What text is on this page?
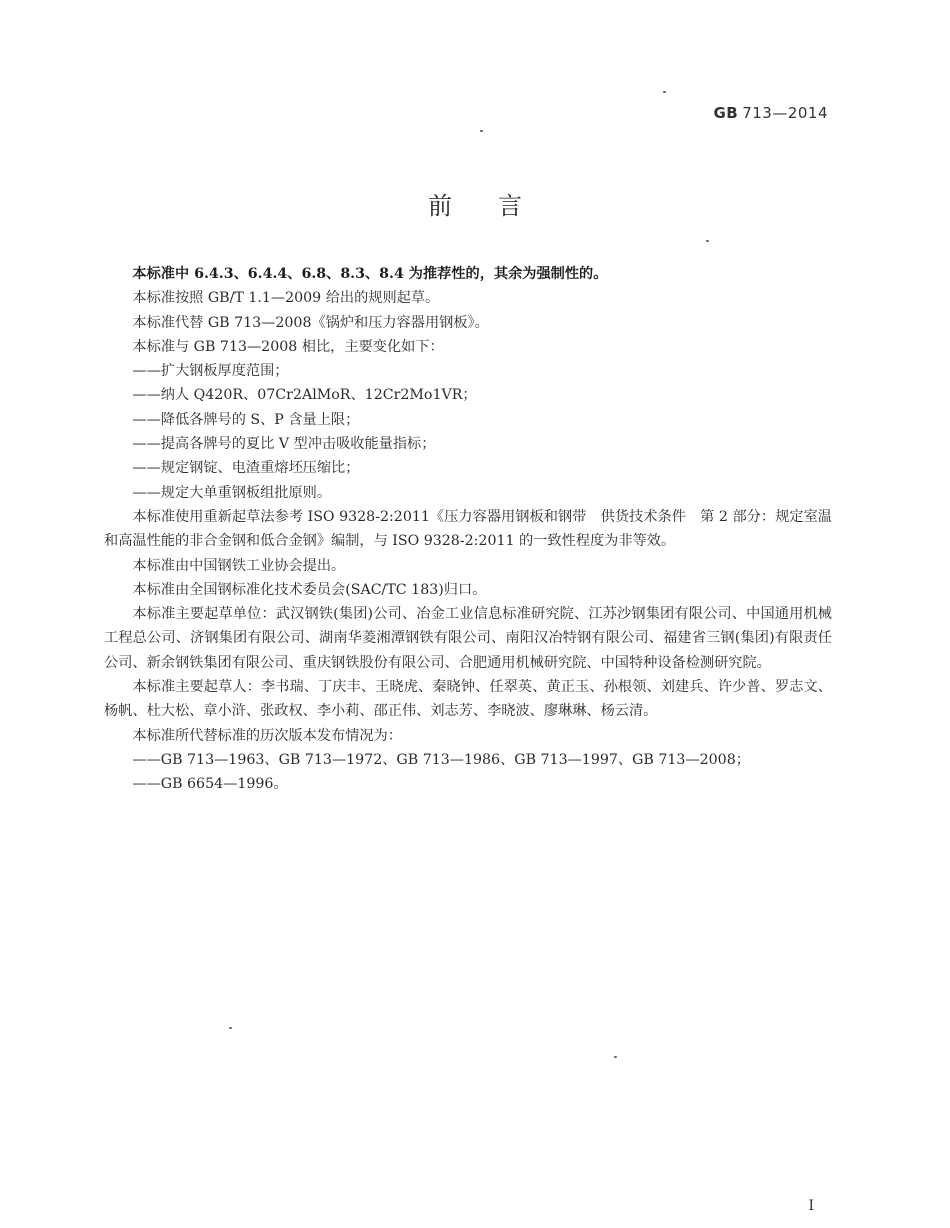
GB 713—2014
前言
本标准中 6.4.3、6.4.4、6.8、8.3、8.4 为推荐性的，其余为强制性的。
本标准按照 GB/T 1.1—2009 给出的规则起草。
本标准代替 GB 713—2008《锅炉和压力容器用钢板》。
本标准与 GB 713—2008 相比，主要变化如下：
——扩大钢板厚度范围；
——纳人 Q420R、07Cr2AlMoR、12Cr2Mo1VR；
——降低各牌号的 S、P 含量上限；
——提高各牌号的夏比 V 型冲击吸收能量指标；
——规定钢锭、电渣重熔坯压缩比；
——规定大单重钢板组批原则。
本标准使用重新起草法参考 ISO 9328-2:2011《压力容器用钢板和钢带　供货技术条件　第 2 部分：规定室温和高温性能的非合金钢和低合金钢》编制，与 ISO 9328-2:2011 的一致性程度为非等效。
本标准由中国钢铁工业协会提出。
本标准由全国钢标准化技术委员会(SAC/TC 183)归口。
本标准主要起草单位：武汉钢铁(集团)公司、冶金工业信息标准研究院、江苏沙钢集团有限公司、中国通用机械工程总公司、济钢集团有限公司、湖南华菱湘潭钢铁有限公司、南阳汉冶特钢有限公司、福建省三钢(集团)有限责任公司、新余钢铁集团有限公司、重庆钢铁股份有限公司、合肥通用机械研究院、中国特种设备检测研究院。
本标准主要起草人：李书瑞、丁庆丰、王晓虎、秦晓钟、任翠英、黄正玉、孙根领、刘建兵、许少普、罗志文、杨帆、杜大松、章小浒、张政权、李小莉、邵正伟、刘志芳、李晓波、廖琳琳、杨云清。
本标准所代替标准的历次版本发布情况为：
——GB 713—1963、GB 713—1972、GB 713—1986、GB 713—1997、GB 713—2008；
——GB 6654—1996。
I
